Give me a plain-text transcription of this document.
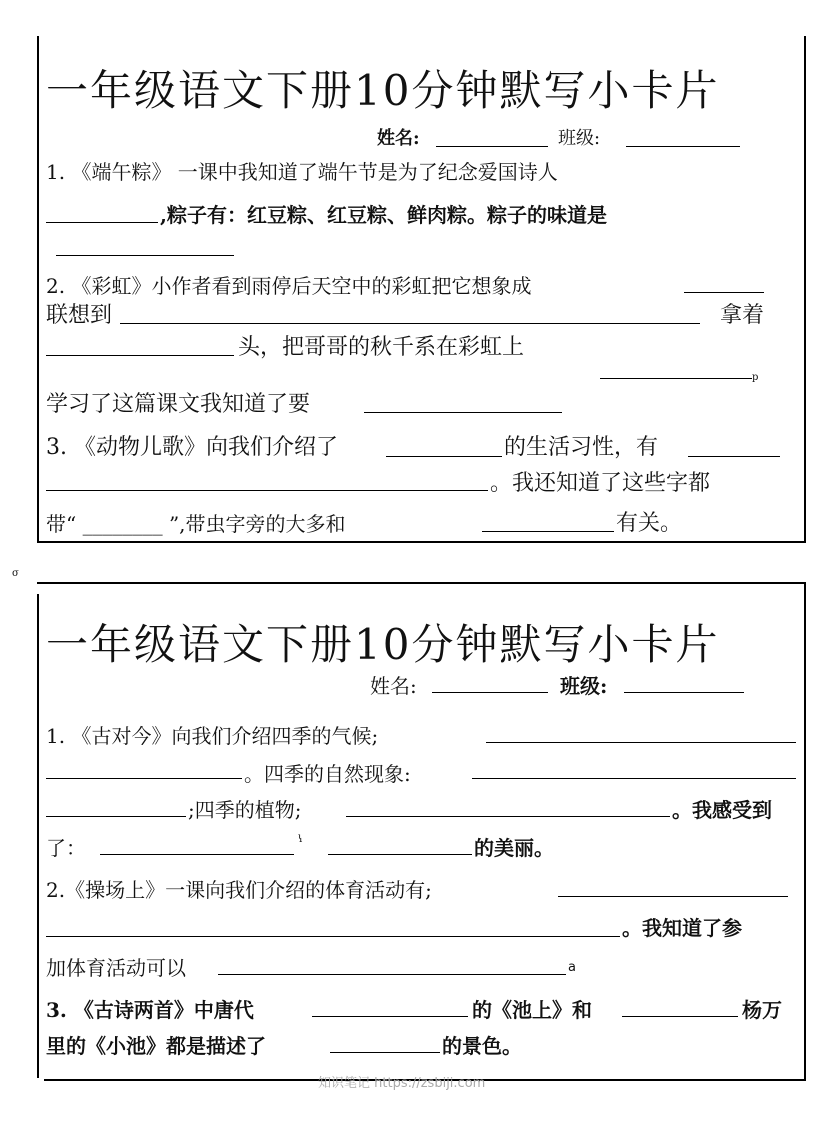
一年级语文下册10分钟默写小卡片
姓名:	班级:
1. 《端午粽》 一课中我知道了端午节是为了纪念爱国诗人
,粽子有：红豆粽、红豆粽、鲜肉粽。粽子的味道是
2. 《彩虹》小作者看到雨停后天空中的彩虹把它想象成
联想到	拿着
头，把哥哥的秋千系在彩虹上
p
学习了这篇课文我知道了要
3. 《动物儿歌》向我们介绍了	的生活习性，有
。我还知道了这些字都
带“ ________ ”,带虫字旁的大多和	有关。
σ
一年级语文下册10分钟默写小卡片
姓名:	班级:
1. 《古对今》向我们介绍四季的气候;
。四季的自然现象:
;四季的植物;	。我感受到
了：	ꝇ	的美丽。
2.《操场上》一课向我们介绍的体育活动有;
。我知道了参
加体育活动可以	a
3. 《古诗两首》中唐代	的《池上》和	杨万
里的《小池》都是描述了	的景色。
知识笔记 https://zsbiji.com
